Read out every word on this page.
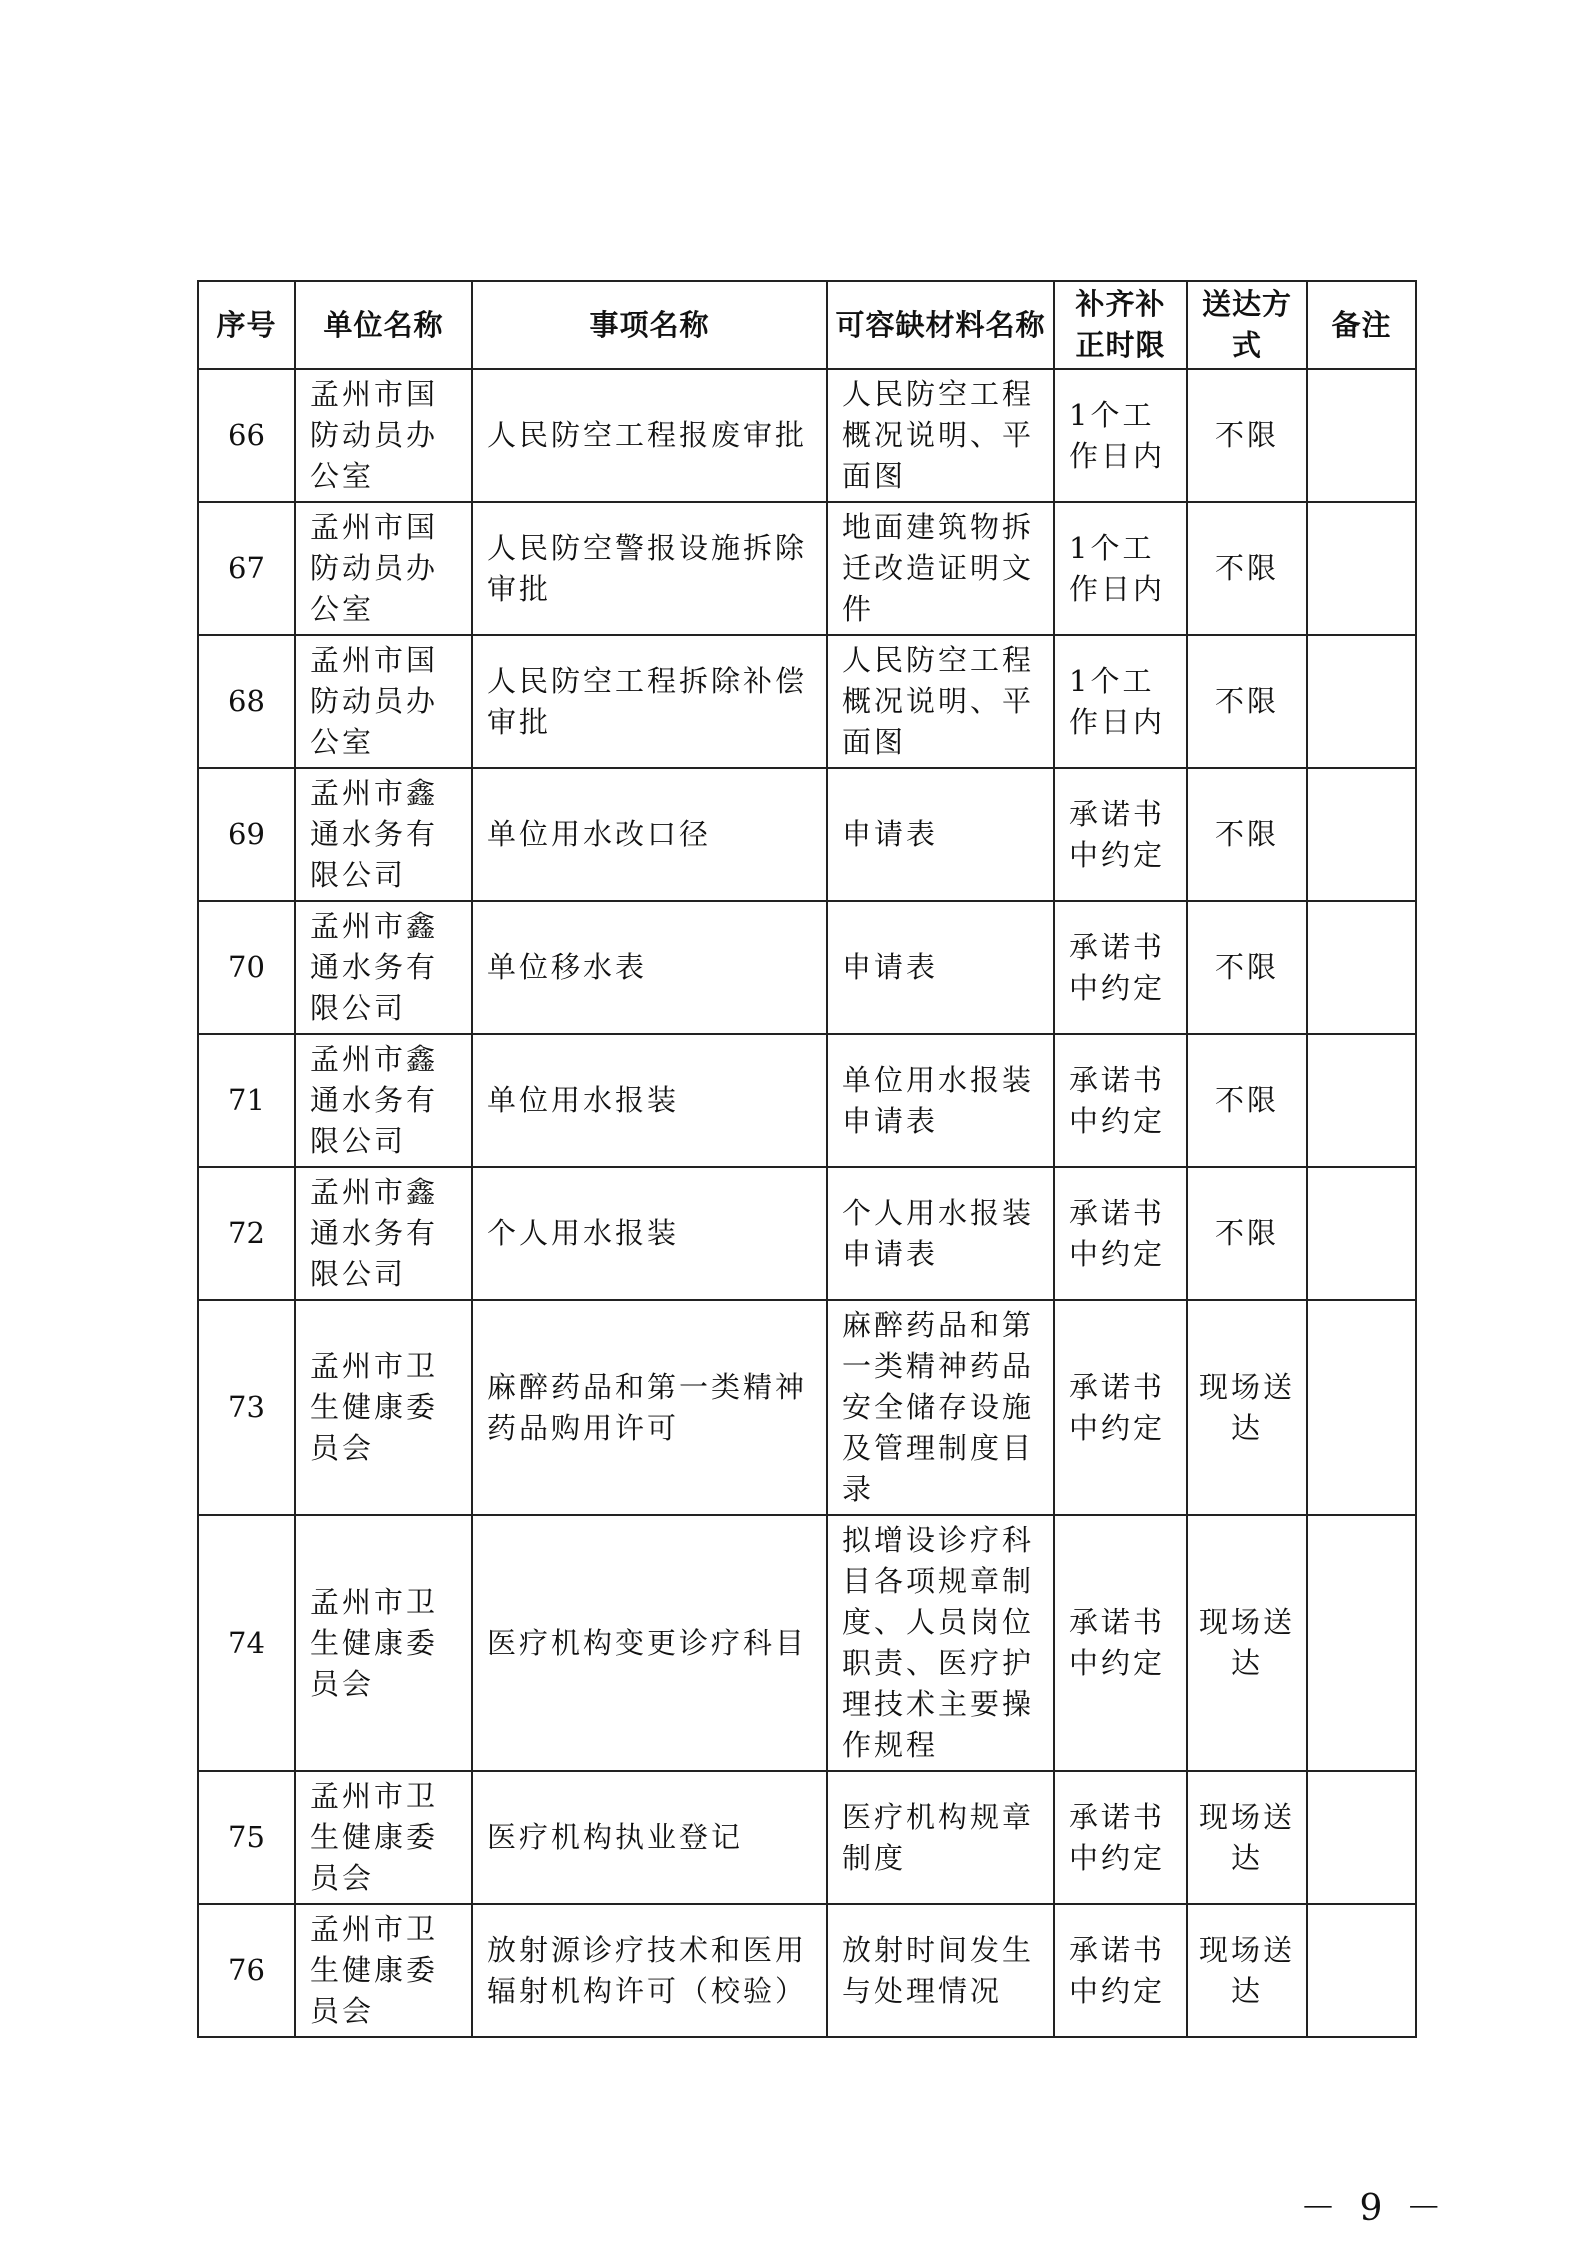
序号	单位名称	事项名称	可容缺材料名称	补齐补正时限	送达方式	备注
66	孟州市国防动员办公室	人民防空工程报废审批	人民防空工程概况说明、平面图	1个工作日内	不限	
67	孟州市国防动员办公室	人民防空警报设施拆除审批	地面建筑物拆迁改造证明文件	1个工作日内	不限	
68	孟州市国防动员办公室	人民防空工程拆除补偿审批	人民防空工程概况说明、平面图	1个工作日内	不限	
69	孟州市鑫通水务有限公司	单位用水改口径	申请表	承诺书中约定	不限	
70	孟州市鑫通水务有限公司	单位移水表	申请表	承诺书中约定	不限	
71	孟州市鑫通水务有限公司	单位用水报装	单位用水报装申请表	承诺书中约定	不限	
72	孟州市鑫通水务有限公司	个人用水报装	个人用水报装申请表	承诺书中约定	不限	
73	孟州市卫生健康委员会	麻醉药品和第一类精神药品购用许可	麻醉药品和第一类精神药品安全储存设施及管理制度目录	承诺书中约定	现场送达	
74	孟州市卫生健康委员会	医疗机构变更诊疗科目	拟增设诊疗科目各项规章制度、人员岗位职责、医疗护理技术主要操作规程	承诺书中约定	现场送达	
75	孟州市卫生健康委员会	医疗机构执业登记	医疗机构规章制度	承诺书中约定	现场送达	
76	孟州市卫生健康委员会	放射源诊疗技术和医用辐射机构许可（校验）	放射时间发生与处理情况	承诺书中约定	现场送达	
－ 9 －
